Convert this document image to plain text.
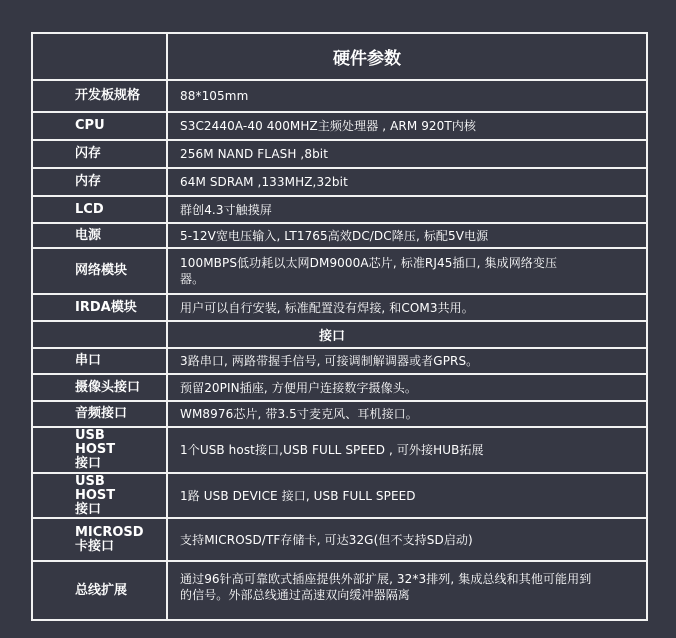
	硬件参数
开发板规格	88*105mm
CPU	S3C2440A-40 400MHZ主频处理器 , ARM 920T内核
闪存	256M NAND FLASH ,8bit
内存	64M SDRAM ,133MHZ,32bit
LCD	群创4.3寸触摸屏
电源	5-12V宽电压输入, LT1765高效DC/DC降压, 标配5V电源
网络模块	100MBPS低功耗以太网DM9000A芯片, 标准RJ45插口, 集成网络变压器。
IRDA模块	用户可以自行安装, 标准配置没有焊接, 和COM3共用。
	接口
串口	3路串口, 两路带握手信号, 可接调制解调器或者GPRS。
摄像头接口	预留20PIN插座, 方便用户连接数字摄像头。
音频接口	WM8976芯片, 带3.5寸麦克风、耳机接口。
USB HOST 接口	1个USB host接口,USB FULL SPEED , 可外接HUB拓展
USB HOST 接口	1路 USB DEVICE 接口, USB FULL SPEED
MICROSD 卡接口	支持MICROSD/TF存储卡, 可达32G(但不支持SD启动)
总线扩展	通过96针高可靠欧式插座提供外部扩展, 32*3排列, 集成总线和其他可能用到的信号。外部总线通过高速双向缓冲器隔离
